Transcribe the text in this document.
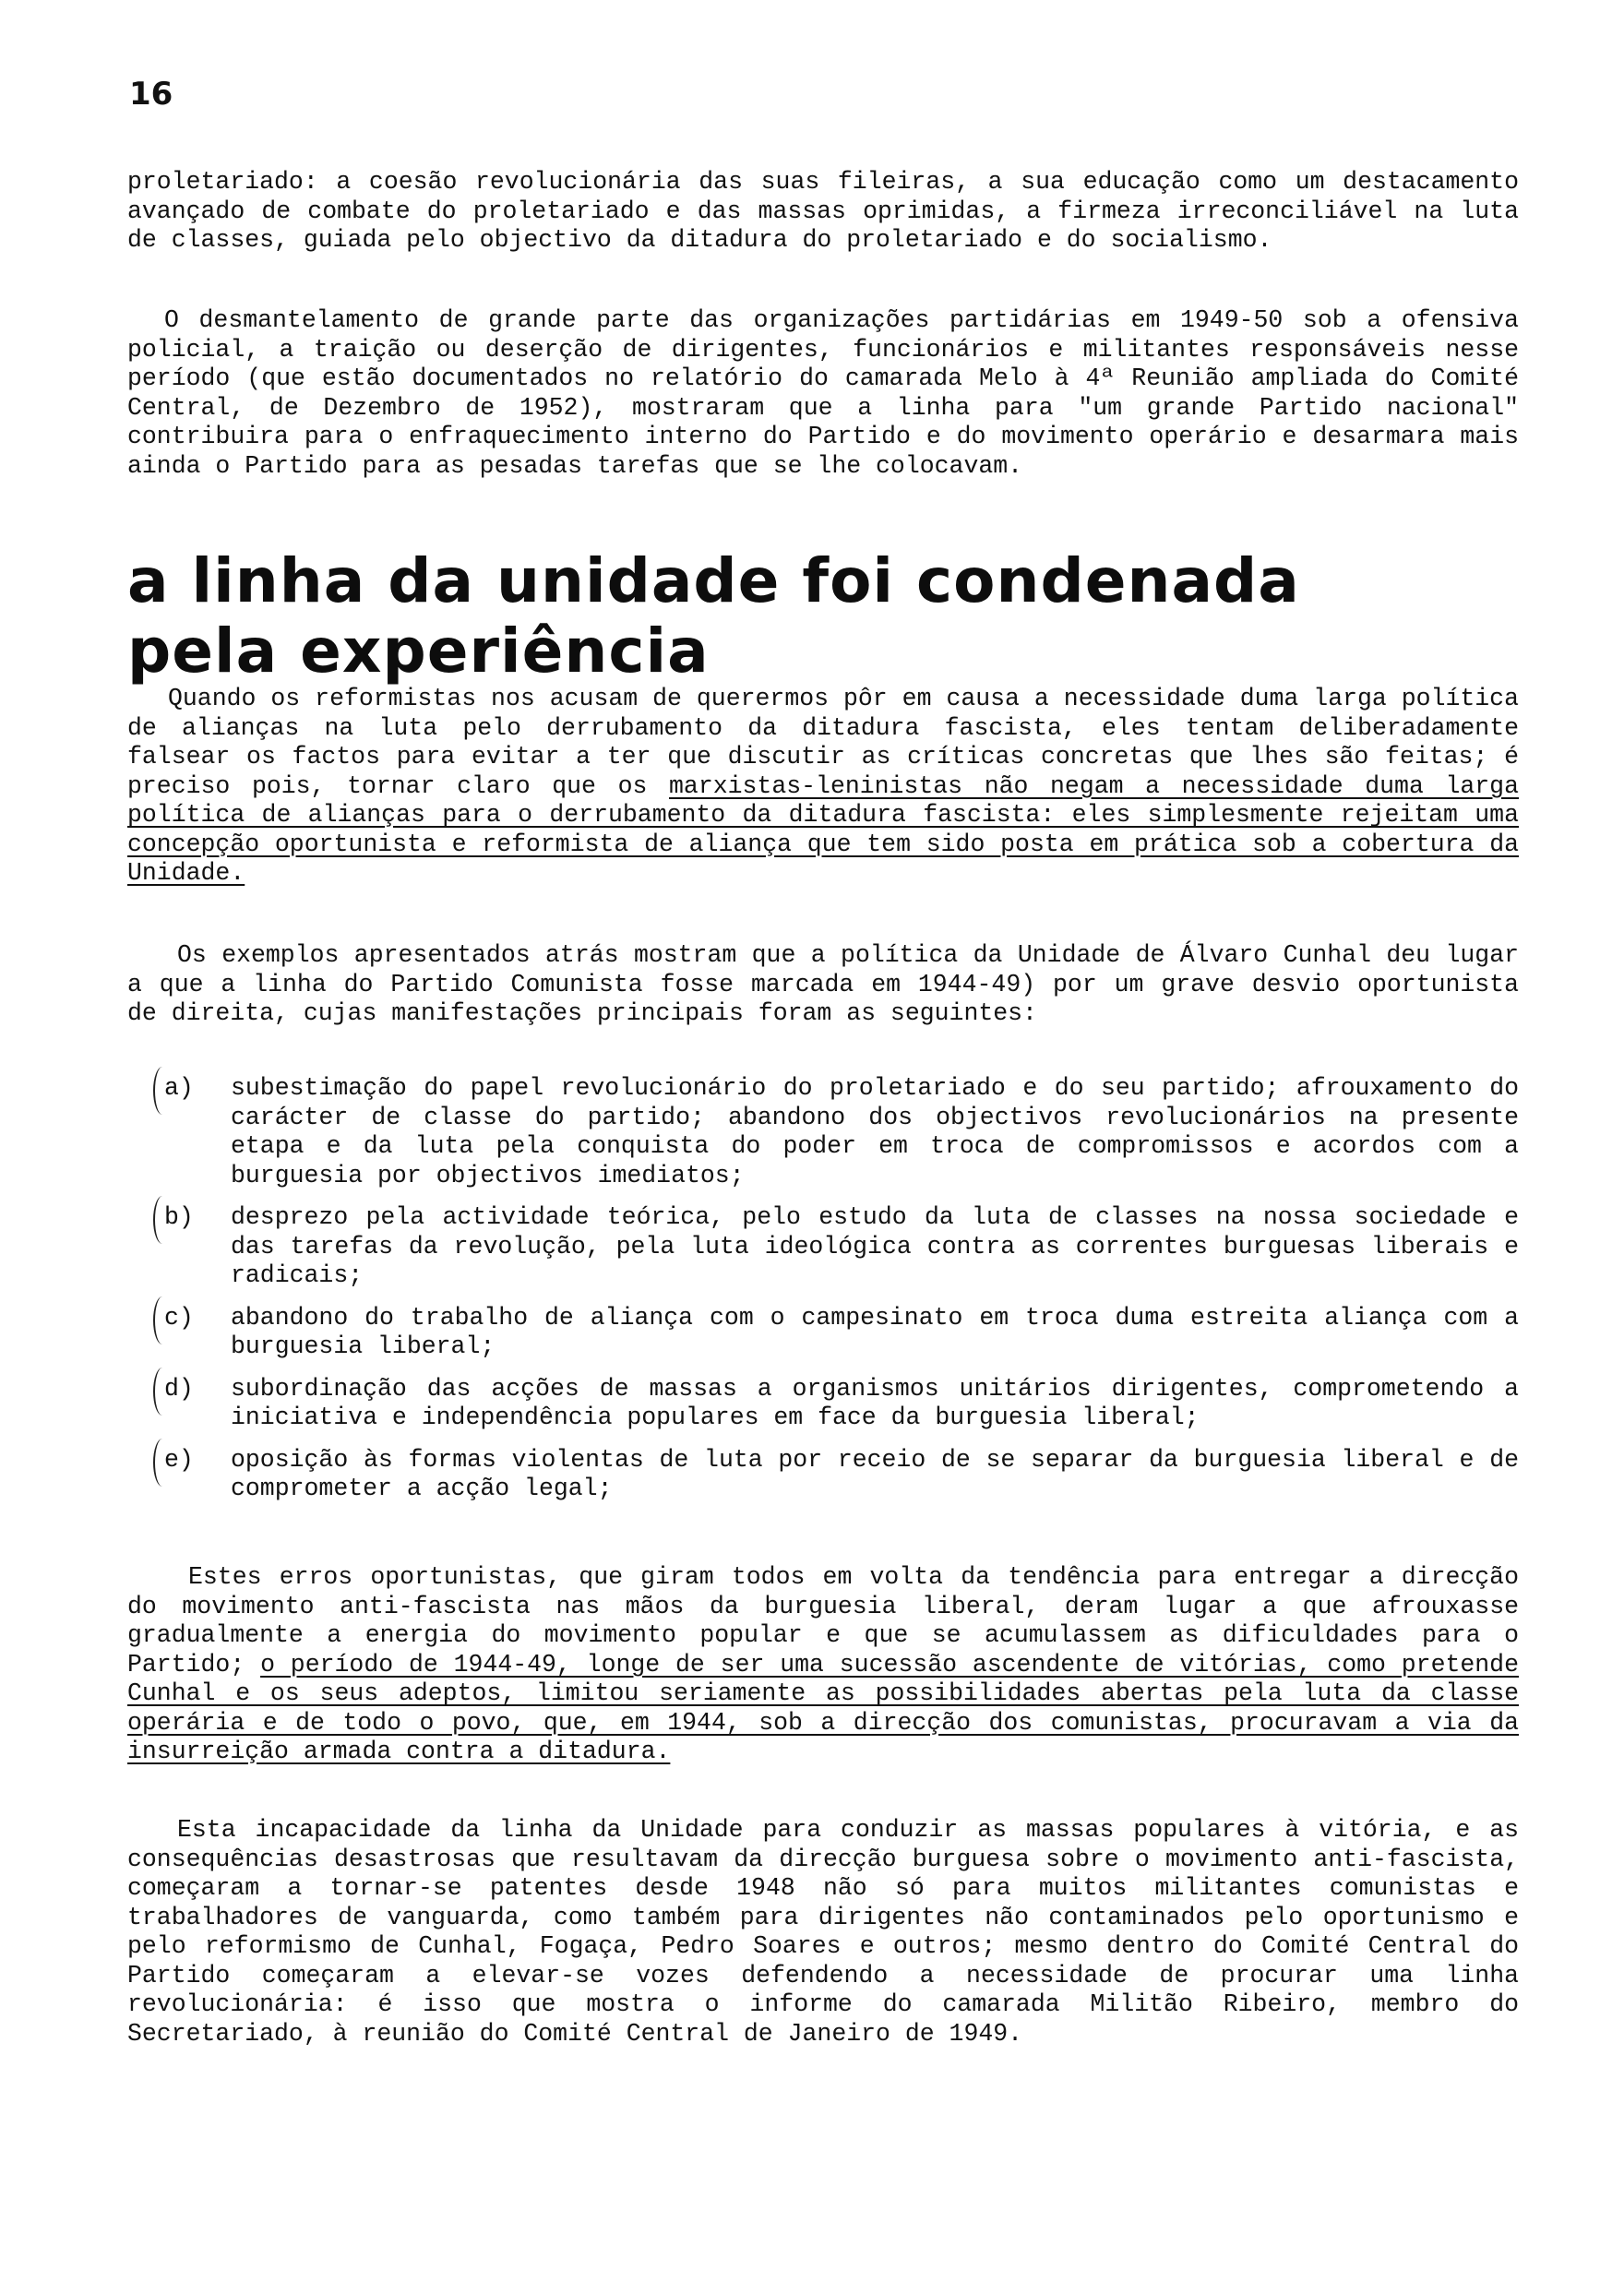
16

proletariado: a coesão revolucionária das suas fileiras, a sua educação como um destacamento avançado de combate do proletariado e das massas oprimidas, a firmeza irreconciliável na luta de classes, guiada pelo objectivo da ditadura do proletariado e do socialismo.

O desmantelamento de grande parte das organizações partidárias em 1949-50 sob a ofensiva policial, a traição ou deserção de dirigentes, funcionários e militantes responsáveis nesse período (que estão documentados no relatório do camarada Melo à 4ª Reunião ampliada do Comité Central, de Dezembro de 1952), mostraram que a linha para "um grande Partido nacional" contribuira para o enfraquecimento interno do Partido e do movimento operário e desarmara mais ainda o Partido para as pesadas tarefas que se lhe colocavam.

a linha da unidade foi condenada
pela experiência

Quando os reformistas nos acusam de querermos pôr em causa a necessidade duma larga política de alianças na luta pelo derrubamento da ditadura fascista, eles tentam deliberadamente falsear os factos para evitar a ter que discutir as críticas concretas que lhes são feitas; é preciso pois, tornar claro que os marxistas-leninistas não negam a necessidade duma larga política de alianças para o derrubamento da ditadura fascista: eles simplesmente rejeitam uma concepção oportunista e reformista de aliança que tem sido posta em prática sob a cobertura da Unidade.

Os exemplos apresentados atrás mostram que a política da Unidade de Álvaro Cunhal deu lugar a que a linha do Partido Comunista fosse marcada em 1944-49) por um grave desvio oportunista de direita, cujas manifestações principais foram as seguintes:

a) subestimação do papel revolucionário do proletariado e do seu partido; afrouxamento do carácter de classe do partido; abandono dos objectivos revolucionários na presente etapa e da luta pela conquista do poder em troca de compromissos e acordos com a burguesia por objectivos imediatos;

b) desprezo pela actividade teórica, pelo estudo da luta de classes na nossa sociedade e das tarefas da revolução, pela luta ideológica contra as correntes burguesas liberais e radicais;

c) abandono do trabalho de aliança com o campesinato em troca duma estreita aliança com a burguesia liberal;

d) subordinação das acções de massas a organismos unitários dirigentes, comprometendo a iniciativa e independência populares em face da burguesia liberal;

e) oposição às formas violentas de luta por receio de se separar da burguesia liberal e de comprometer a acção legal;

Estes erros oportunistas, que giram todos em volta da tendência para entregar a direcção do movimento anti-fascista nas mãos da burguesia liberal, deram lugar a que afrouxasse gradualmente a energia do movimento popular e que se acumulassem as dificuldades para o Partido; o período de 1944-49, longe de ser uma sucessão ascendente de vitórias, como pretende Cunhal e os seus adeptos, limitou seriamente as possibilidades abertas pela luta da classe operária e de todo o povo, que, em 1944, sob a direcção dos comunistas, procuravam a via da insurreição armada contra a ditadura.

Esta incapacidade da linha da Unidade para conduzir as massas populares à vitória, e as consequências desastrosas que resultavam da direcção burguesa sobre o movimento anti-fascista, começaram a tornar-se patentes desde 1948 não só para muitos militantes comunistas e trabalhadores de vanguarda, como também para dirigentes não contaminados pelo oportunismo e pelo reformismo de Cunhal, Fogaça, Pedro Soares e outros; mesmo dentro do Comité Central do Partido começaram a elevar-se vozes defendendo a necessidade de procurar uma linha revolucionária: é isso que mostra o informe do camarada Militão Ribeiro, membro do Secretariado, à reunião do Comité Central de Janeiro de 1949.
